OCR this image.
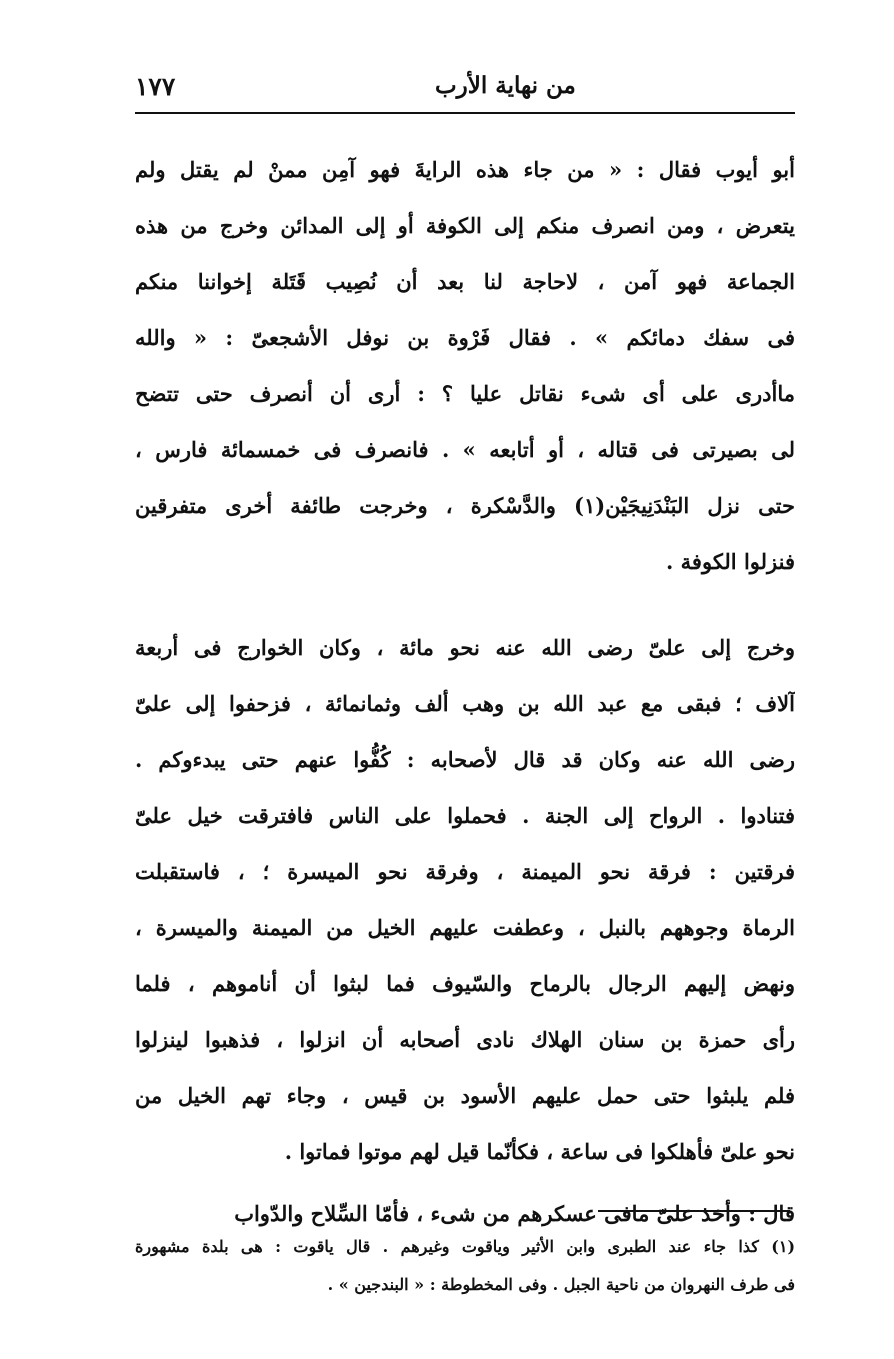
١٧٧	من نهاية الأرب
أبو أيوب فقال : « من جاء هذه الرايةَ فهو آمِن ممنْ لم يقتل ولم
يتعرض ، ومن انصرف منكم إلى الكوفة أو إلى المدائن وخرج من هذه
الجماعة فهو آمن ، لاحاجة لنا بعد أن نُصِيب قَتَلة إخواننا منكم
فى سفك دمائكم » . فقال فَرْوة بن نوفل الأشجعىّ : « والله
ماأدرى على أى شىء نقاتل عليا ؟ : أرى أن أنصرف حتى تتضح
لى بصيرتى فى قتاله ، أو أتابعه » . فانصرف فى خمسمائة فارس ،
حتى نزل البَنْدَنِيجَيْن(١) والدَّسْكرة ، وخرجت طائفة أخرى متفرقين
فنزلوا الكوفة .
وخرج إلى علىّ رضى الله عنه نحو مائة ، وكان الخوارج فى أربعة
آلاف ؛ فبقى مع عبد الله بن وهب ألف وثمانمائة ، فزحفوا إلى علىّ
رضى الله عنه وكان قد قال لأصحابه : كُفُّوا عنهم حتى يبدءوكم .
فتنادوا . الرواح إلى الجنة . فحملوا على الناس فافترقت خيل علىّ
فرقتين : فرقة نحو الميمنة ، وفرقة نحو الميسرة ؛ ، فاستقبلت
الرماة وجوههم بالنبل ، وعطفت عليهم الخيل من الميمنة والميسرة ،
ونهض إليهم الرجال بالرماح والسّيوف فما لبثوا أن أناموهم ، فلما
رأى حمزة بن سنان الهلاك نادى أصحابه أن انزلوا ، فذهبوا لينزلوا
فلم يلبثوا حتى حمل عليهم الأسود بن قيس ، وجاء تهم الخيل من
نحو علىّ فأهلكوا فى ساعة ، فكأنّما قيل لهم موتوا فماتوا .
قال : وأخذ علىّ مافى عسكرهم من شىء ، فأمّا السِّلاح والدّواب
(١) كذا جاء عند الطبرى وابن الأثير وياقوت وغيرهم . قال ياقوت : هى بلدة مشهورة
فى طرف النهروان من ناحية الجبل . وفى المخطوطة : « البندجين » .
